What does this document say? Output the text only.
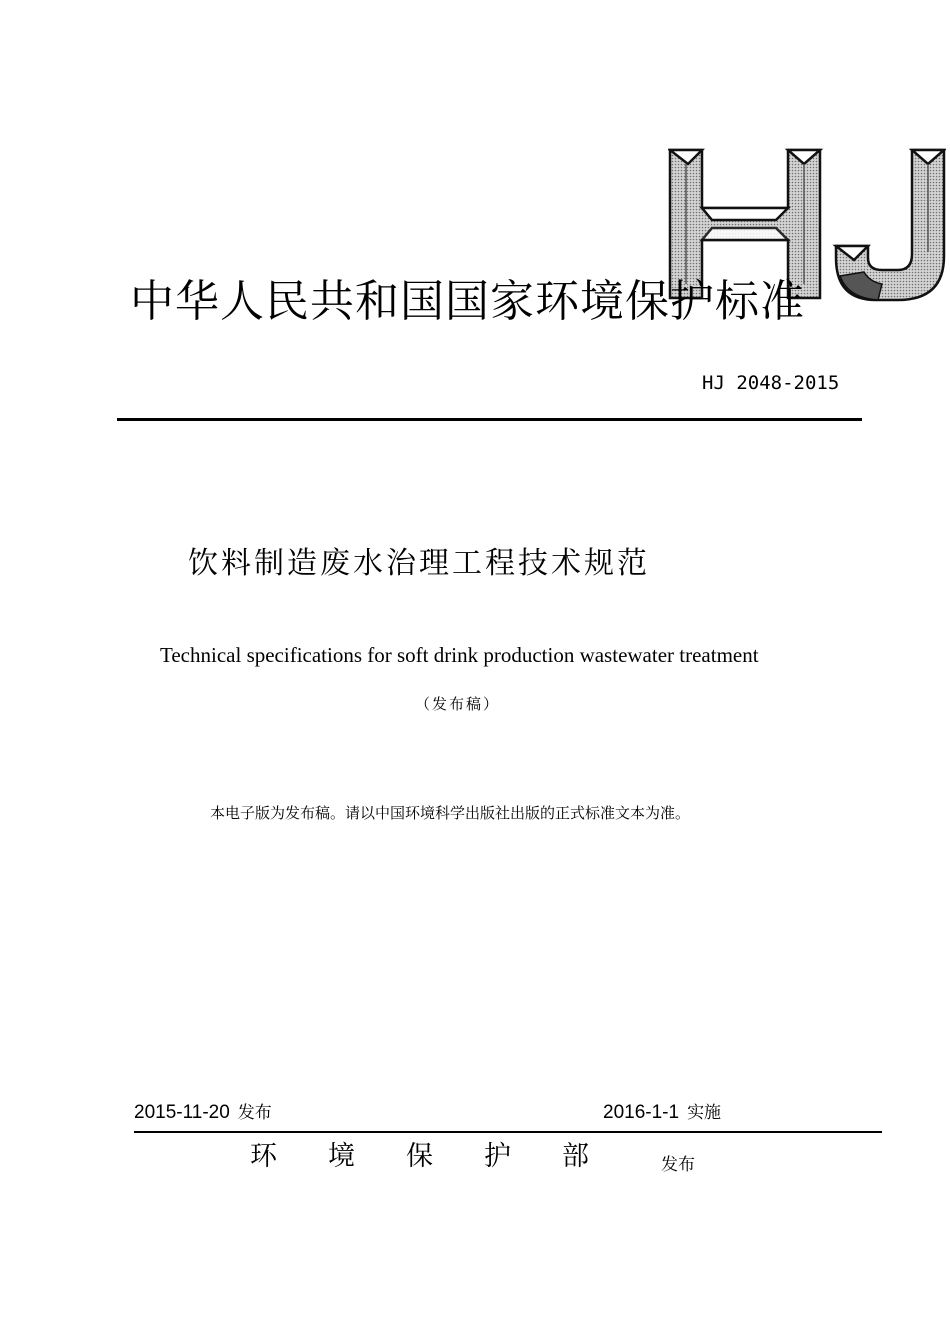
中华人民共和国国家环境保护标准
HJ 2048-2015
饮料制造废水治理工程技术规范
Technical specifications for soft drink production wastewater treatment
（发布稿）
本电子版为发布稿。请以中国环境科学出版社出版的正式标准文本为准。
2015-11-20 发布	2016-1-1 实施
环境保护部 发布
